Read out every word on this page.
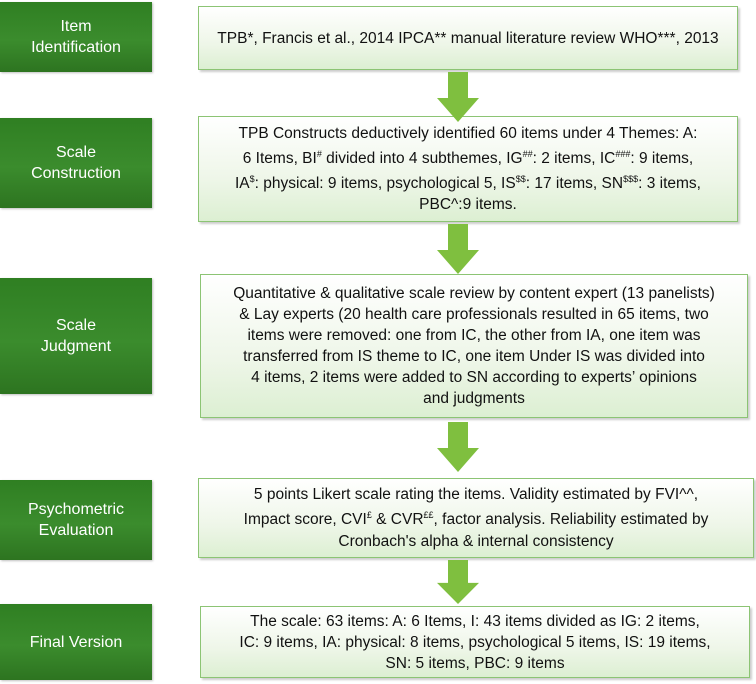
Item
Identification
Scale
Construction
Scale
Judgment
Psychometric
Evaluation
Final Version
TPB*, Francis et al., 2014 IPCA** manual literature review WHO***, 2013
TPB Constructs deductively identified 60 items under 4 Themes: A:
6 Items, BI# divided into 4 subthemes, IG##: 2 items, IC###: 9 items,
IA$: physical: 9 items, psychological 5, IS$$: 17 items, SN$$$: 3 items,
PBC^:9 items.
Quantitative & qualitative scale review by content expert (13 panelists)
& Lay experts (20 health care professionals resulted in 65 items, two
items were removed: one from IC, the other from IA, one item was
transferred from IS theme to IC, one item Under IS was divided into
4 items, 2 items were added to SN according to experts’ opinions
and judgments
5 points Likert scale rating the items. Validity estimated by FVI^^,
Impact score, CVI£ & CVR££, factor analysis. Reliability estimated by
Cronbach's alpha & internal consistency
The scale: 63 items: A: 6 Items, I: 43 items divided as IG: 2 items,
IC: 9 items, IA: physical: 8 items, psychological 5 items, IS: 19 items,
SN: 5 items, PBC: 9 items
